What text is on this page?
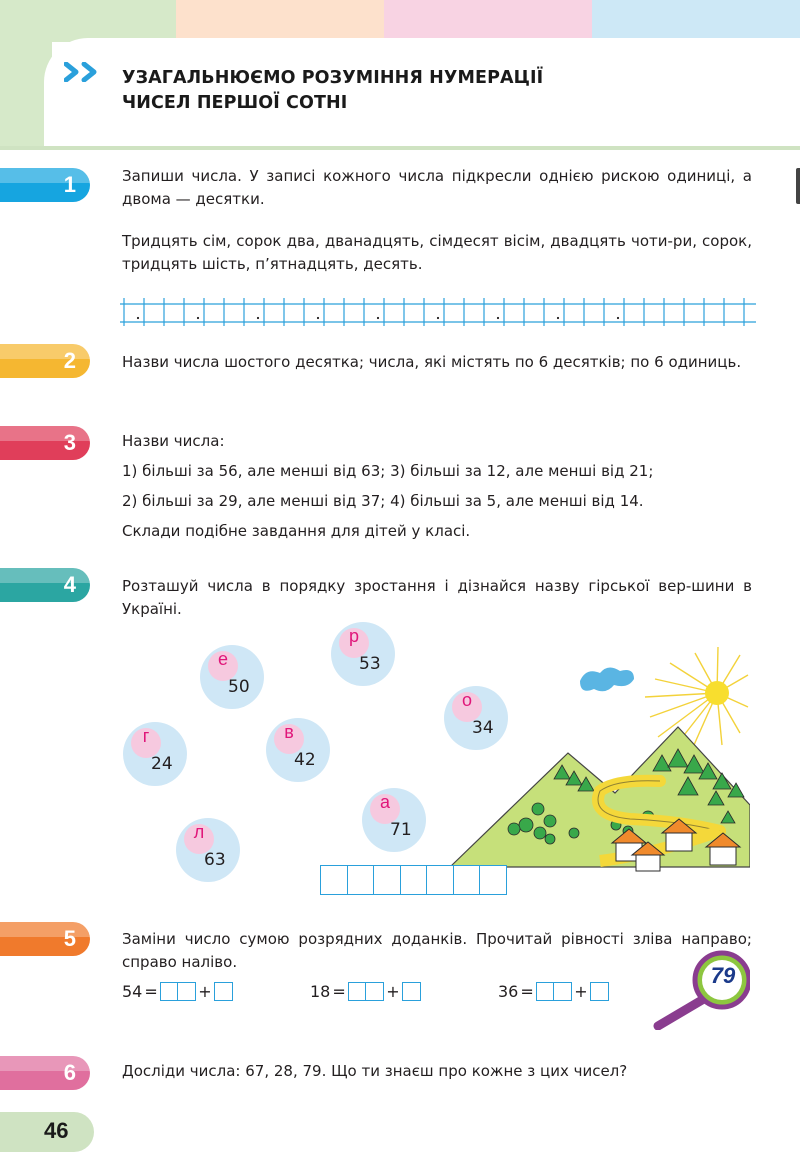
УЗАГАЛЬНЮЄМО РОЗУМІННЯ НУМЕРАЦІЇ
ЧИСЕЛ ПЕРШОЇ СОТНІ
1	Запиши числа. У записі кожного числа підкресли однією рискою одиниці, а двома — десятки.
Тридцять сім, сорок два, дванадцять, сімдесят вісім, двадцять чоти-ри, сорок, тридцять шість, п’ятнадцять, десять.
2	Назви числа шостого десятка; числа, які містять по 6 десятків; по 6 одиниць.
3	Назви числа:
1) більші за 56, але менші від 63; 3) більші за 12, але менші від 21;
2) більші за 29, але менші від 37; 4) більші за 5, але менші від 14.
Склади подібне завдання для дітей у класі.
4	Розташуй числа в порядку зростання і дізнайся назву гірської вер-шини в Україні.
е
50
р
53
о
34
г
24
в
42
а
71
л
63
5	Заміни число сумою розрядних доданків. Прочитай рівності зліва направо; справо наліво.
54 =	+	18 =	+	36 =	+
79
6	Досліди числа: 67, 28, 79. Що ти знаєш про кожне з цих чисел?
46
